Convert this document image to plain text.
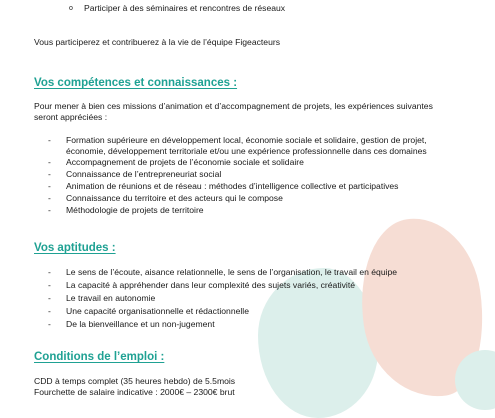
o Participer à des séminaires et rencontres de réseaux
Vous participerez et contribuerez à la vie de l’équipe Figeacteurs
Vos compétences et connaissances :
Pour mener à bien ces missions d’animation et d’accompagnement de projets, les expériences suivantes
seront appréciées :
- Formation supérieure en développement local, économie sociale et solidaire, gestion de projet,
économie, développement territoriale et/ou une expérience professionnelle dans ces domaines
- Accompagnement de projets de l’économie sociale et solidaire
- Connaissance de l’entrepreneuriat social
- Animation de réunions et de réseau : méthodes d’intelligence collective et participatives
- Connaissance du territoire et des acteurs qui le compose
- Méthodologie de projets de territoire
Vos aptitudes :
- Le sens de l’écoute, aisance relationnelle, le sens de l’organisation, le travail en équipe
- La capacité à appréhender dans leur complexité des sujets variés, créativité
- Le travail en autonomie
- Une capacité organisationnelle et rédactionnelle
- De la bienveillance et un non-jugement
Conditions de l’emploi :
CDD à temps complet (35 heures hebdo) de 5.5mois
Fourchette de salaire indicative : 2000€ – 2300€ brut
